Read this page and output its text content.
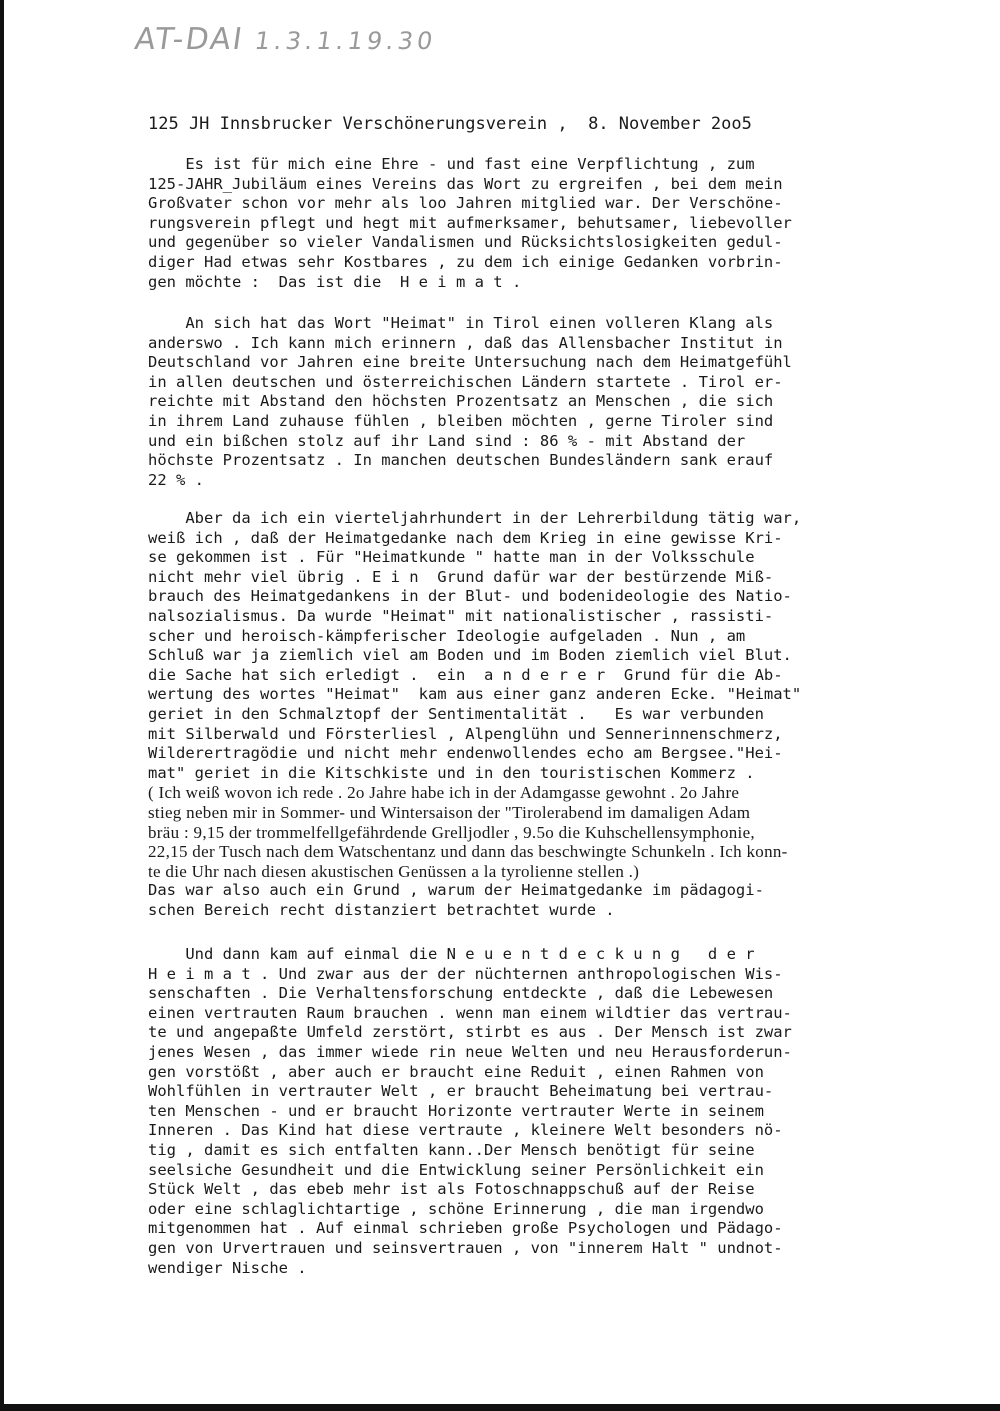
AT-DAI 1.3.1.19.30
125 JH Innsbrucker Verschönerungsverein ,  8. November 2oo5
Es ist für mich eine Ehre - und fast eine Verpflichtung , zum
125-JAHR_Jubiläum eines Vereins das Wort zu ergreifen , bei dem mein
Großvater schon vor mehr als loo Jahren mitglied war. Der Verschöne-
rungsverein pflegt und hegt mit aufmerksamer, behutsamer, liebevoller
und gegenüber so vieler Vandalismen und Rücksichtslosigkeiten gedul-
diger Had etwas sehr Kostbares , zu dem ich einige Gedanken vorbrin-
gen möchte :  Das ist die  H e i m a t .
An sich hat das Wort "Heimat" in Tirol einen volleren Klang als
anderswo . Ich kann mich erinnern , daß das Allensbacher Institut in
Deutschland vor Jahren eine breite Untersuchung nach dem Heimatgefühl
in allen deutschen und österreichischen Ländern startete . Tirol er-
reichte mit Abstand den höchsten Prozentsatz an Menschen , die sich
in ihrem Land zuhause fühlen , bleiben möchten , gerne Tiroler sind
und ein bißchen stolz auf ihr Land sind : 86 % - mit Abstand der
höchste Prozentsatz . In manchen deutschen Bundesländern sank erauf
22 % .
Aber da ich ein vierteljahrhundert in der Lehrerbildung tätig war,
weiß ich , daß der Heimatgedanke nach dem Krieg in eine gewisse Kri-
se gekommen ist . Für "Heimatkunde " hatte man in der Volksschule
nicht mehr viel übrig . E i n  Grund dafür war der bestürzende Miß-
brauch des Heimatgedankens in der Blut- und bodenideologie des Natio-
nalsozialismus. Da wurde "Heimat" mit nationalistischer , rassisti-
scher und heroisch-kämpferischer Ideologie aufgeladen . Nun , am
Schluß war ja ziemlich viel am Boden und im Boden ziemlich viel Blut.
die Sache hat sich erledigt .  ein  a n d e r e r  Grund für die Ab-
wertung des wortes "Heimat"  kam aus einer ganz anderen Ecke. "Heimat"
geriet in den Schmalztopf der Sentimentalität .   Es war verbunden
mit Silberwald und Försterliesl , Alpenglühn und Sennerinnenschmerz,
Wilderertragödie und nicht mehr endenwollendes echo am Bergsee."Hei-
mat" geriet in die Kitschkiste und in den touristischen Kommerz .
( Ich weiß wovon ich rede . 2o Jahre habe ich in der Adamgasse gewohnt . 2o Jahre
stieg neben mir in Sommer- und Wintersaison der "Tirolerabend im damaligen Adam
bräu : 9,15 der trommelfellgefährdende Grelljodler , 9.5o die Kuhschellensymphonie,
22,15 der Tusch nach dem Watschentanz und dann das beschwingte Schunkeln . Ich konn-
te die Uhr nach diesen akustischen Genüssen a la tyrolienne stellen .)
Das war also auch ein Grund , warum der Heimatgedanke im pädagogi-
schen Bereich recht distanziert betrachtet wurde .
Und dann kam auf einmal die N e u e n t d e c k u n g   d e r
H e i m a t . Und zwar aus der der nüchternen anthropologischen Wis-
senschaften . Die Verhaltensforschung entdeckte , daß die Lebewesen
einen vertrauten Raum brauchen . wenn man einem wildtier das vertrau-
te und angepaßte Umfeld zerstört, stirbt es aus . Der Mensch ist zwar
jenes Wesen , das immer wiede rin neue Welten und neu Herausforderun-
gen vorstößt , aber auch er braucht eine Reduit , einen Rahmen von
Wohlfühlen in vertrauter Welt , er braucht Beheimatung bei vertrau-
ten Menschen - und er braucht Horizonte vertrauter Werte in seinem
Inneren . Das Kind hat diese vertraute , kleinere Welt besonders nö-
tig , damit es sich entfalten kann..Der Mensch benötigt für seine
seelsiche Gesundheit und die Entwicklung seiner Persönlichkeit ein
Stück Welt , das ebeb mehr ist als Fotoschnappschuß auf der Reise
oder eine schlaglichtartige , schöne Erinnerung , die man irgendwo
mitgenommen hat . Auf einmal schrieben große Psychologen und Pädago-
gen von Urvertrauen und seinsvertrauen , von "innerem Halt " undnot-
wendiger Nische .
